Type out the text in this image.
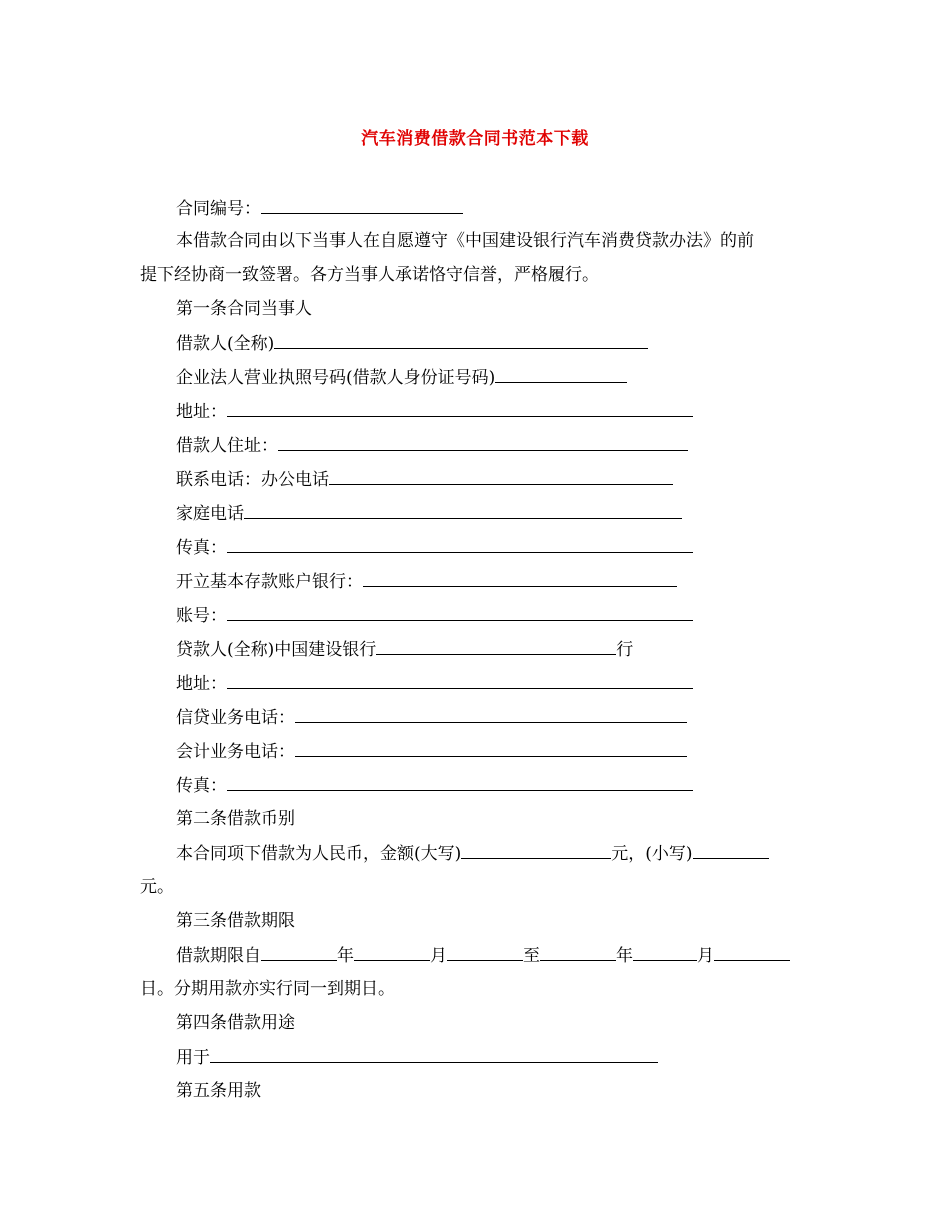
汽车消费借款合同书范本下载
合同编号：
本借款合同由以下当事人在自愿遵守《中国建设银行汽车消费贷款办法》的前
提下经协商一致签署。各方当事人承诺恪守信誉，严格履行。
第一条合同当事人
借款人(全称)
企业法人营业执照号码(借款人身份证号码)
地址：
借款人住址：
联系电话：办公电话
家庭电话
传真：
开立基本存款账户银行：
账号：
贷款人(全称)中国建设银行	行
地址：
信贷业务电话：
会计业务电话：
传真：
第二条借款币别
本合同项下借款为人民币，金额(大写)	元，(小写)
元。
第三条借款期限
借款期限自	年	月	至	年	月
日。分期用款亦实行同一到期日。
第四条借款用途
用于
第五条用款
